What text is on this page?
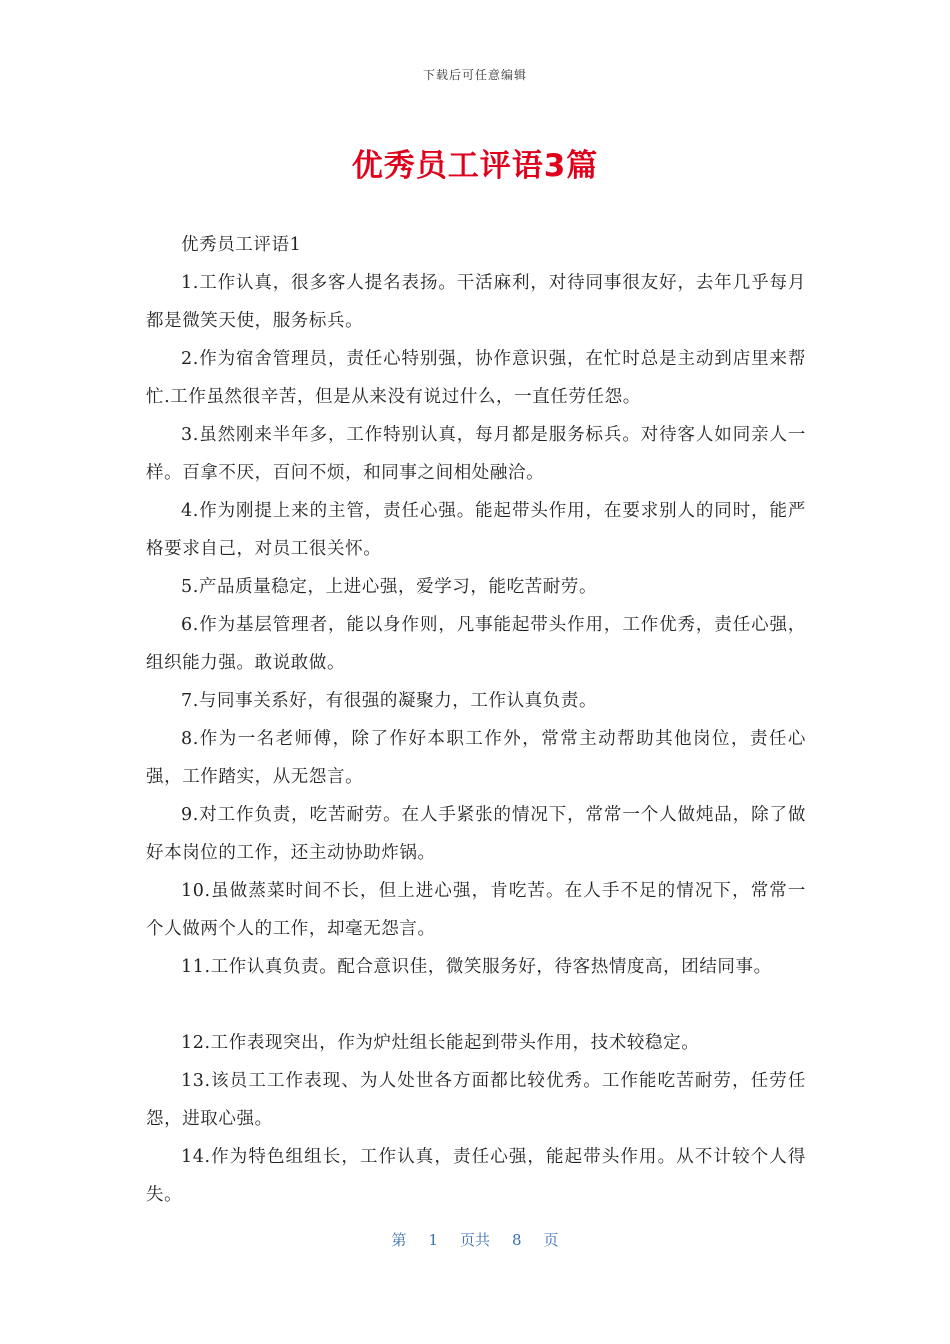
下载后可任意编辑
优秀员工评语3篇

优秀员工评语1

1.工作认真，很多客人提名表扬。干活麻利，对待同事很友好，去年几乎每月都是微笑天使，服务标兵。

2.作为宿舍管理员，责任心特别强，协作意识强，在忙时总是主动到店里来帮忙.工作虽然很辛苦，但是从来没有说过什么，一直任劳任怨。

3.虽然刚来半年多，工作特别认真，每月都是服务标兵。对待客人如同亲人一样。百拿不厌，百问不烦，和同事之间相处融洽。

4.作为刚提上来的主管，责任心强。能起带头作用，在要求别人的同时，能严格要求自己，对员工很关怀。

5.产品质量稳定，上进心强，爱学习，能吃苦耐劳。

6.作为基层管理者，能以身作则，凡事能起带头作用，工作优秀，责任心强，组织能力强。敢说敢做。

7.与同事关系好，有很强的凝聚力，工作认真负责。

8.作为一名老师傅，除了作好本职工作外，常常主动帮助其他岗位，责任心强，工作踏实，从无怨言。

9.对工作负责，吃苦耐劳。在人手紧张的情况下，常常一个人做炖品，除了做好本岗位的工作，还主动协助炸锅。

10.虽做蒸菜时间不长，但上进心强，肯吃苦。在人手不足的情况下，常常一个人做两个人的工作，却毫无怨言。

11.工作认真负责。配合意识佳，微笑服务好，待客热情度高，团结同事。

12.工作表现突出，作为炉灶组长能起到带头作用，技术较稳定。

13.该员工工作表现、为人处世各方面都比较优秀。工作能吃苦耐劳，任劳任怨，进取心强。

14.作为特色组组长，工作认真，责任心强，能起带头作用。从不计较个人得失。

第 1 页共 8 页
